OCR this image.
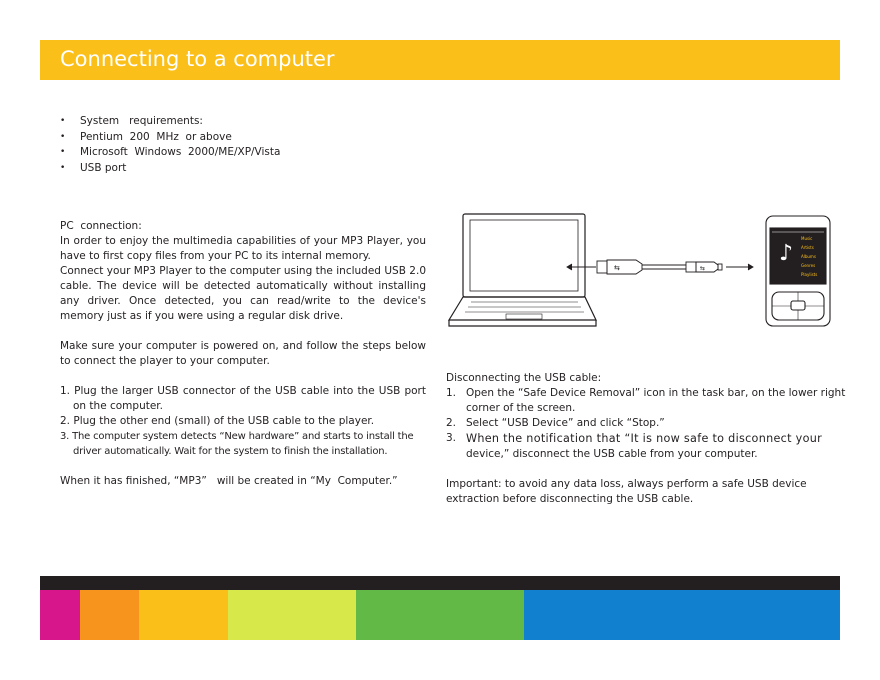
Connecting to a computer
• System   requirements:
• Pentium  200  MHz  or above
• Microsoft  Windows  2000/ME/XP/Vista
• USB port

PC  connection:

In order to enjoy the multimedia capabilities of your MP3 Player, you have to first copy files from your PC to its internal memory.

Connect your MP3 Player to the computer using the included USB 2.0 cable. The device will be detected automatically without installing any driver. Once detected, you can read/write to the device's memory just as if you were using a regular disk drive.

Make sure your computer is powered on, and follow the steps below to connect the player to your computer.

1. Plug the larger USB connector of the USB cable into the USB port on the computer.
2. Plug the other end (small) of the USB cable to the player.
3. The computer system detects “New hardware” and starts to install the driver automatically. Wait for the system to finish the installation.

When it has finished, “MP3”   will be created in “My  Computer.”

⇆	⇆
♪
Music
Artists
Albums
Genres
Playlists

Disconnecting the USB cable:

1. Open the “Safe Device Removal” icon in the task bar, on the lower right corner of the screen.
2. Select “USB Device” and click “Stop.”
3. When the notification that “It is now safe to disconnect your
device,” disconnect the USB cable from your computer.

Important: to avoid any data loss, always perform a safe USB device extraction before disconnecting the USB cable.
